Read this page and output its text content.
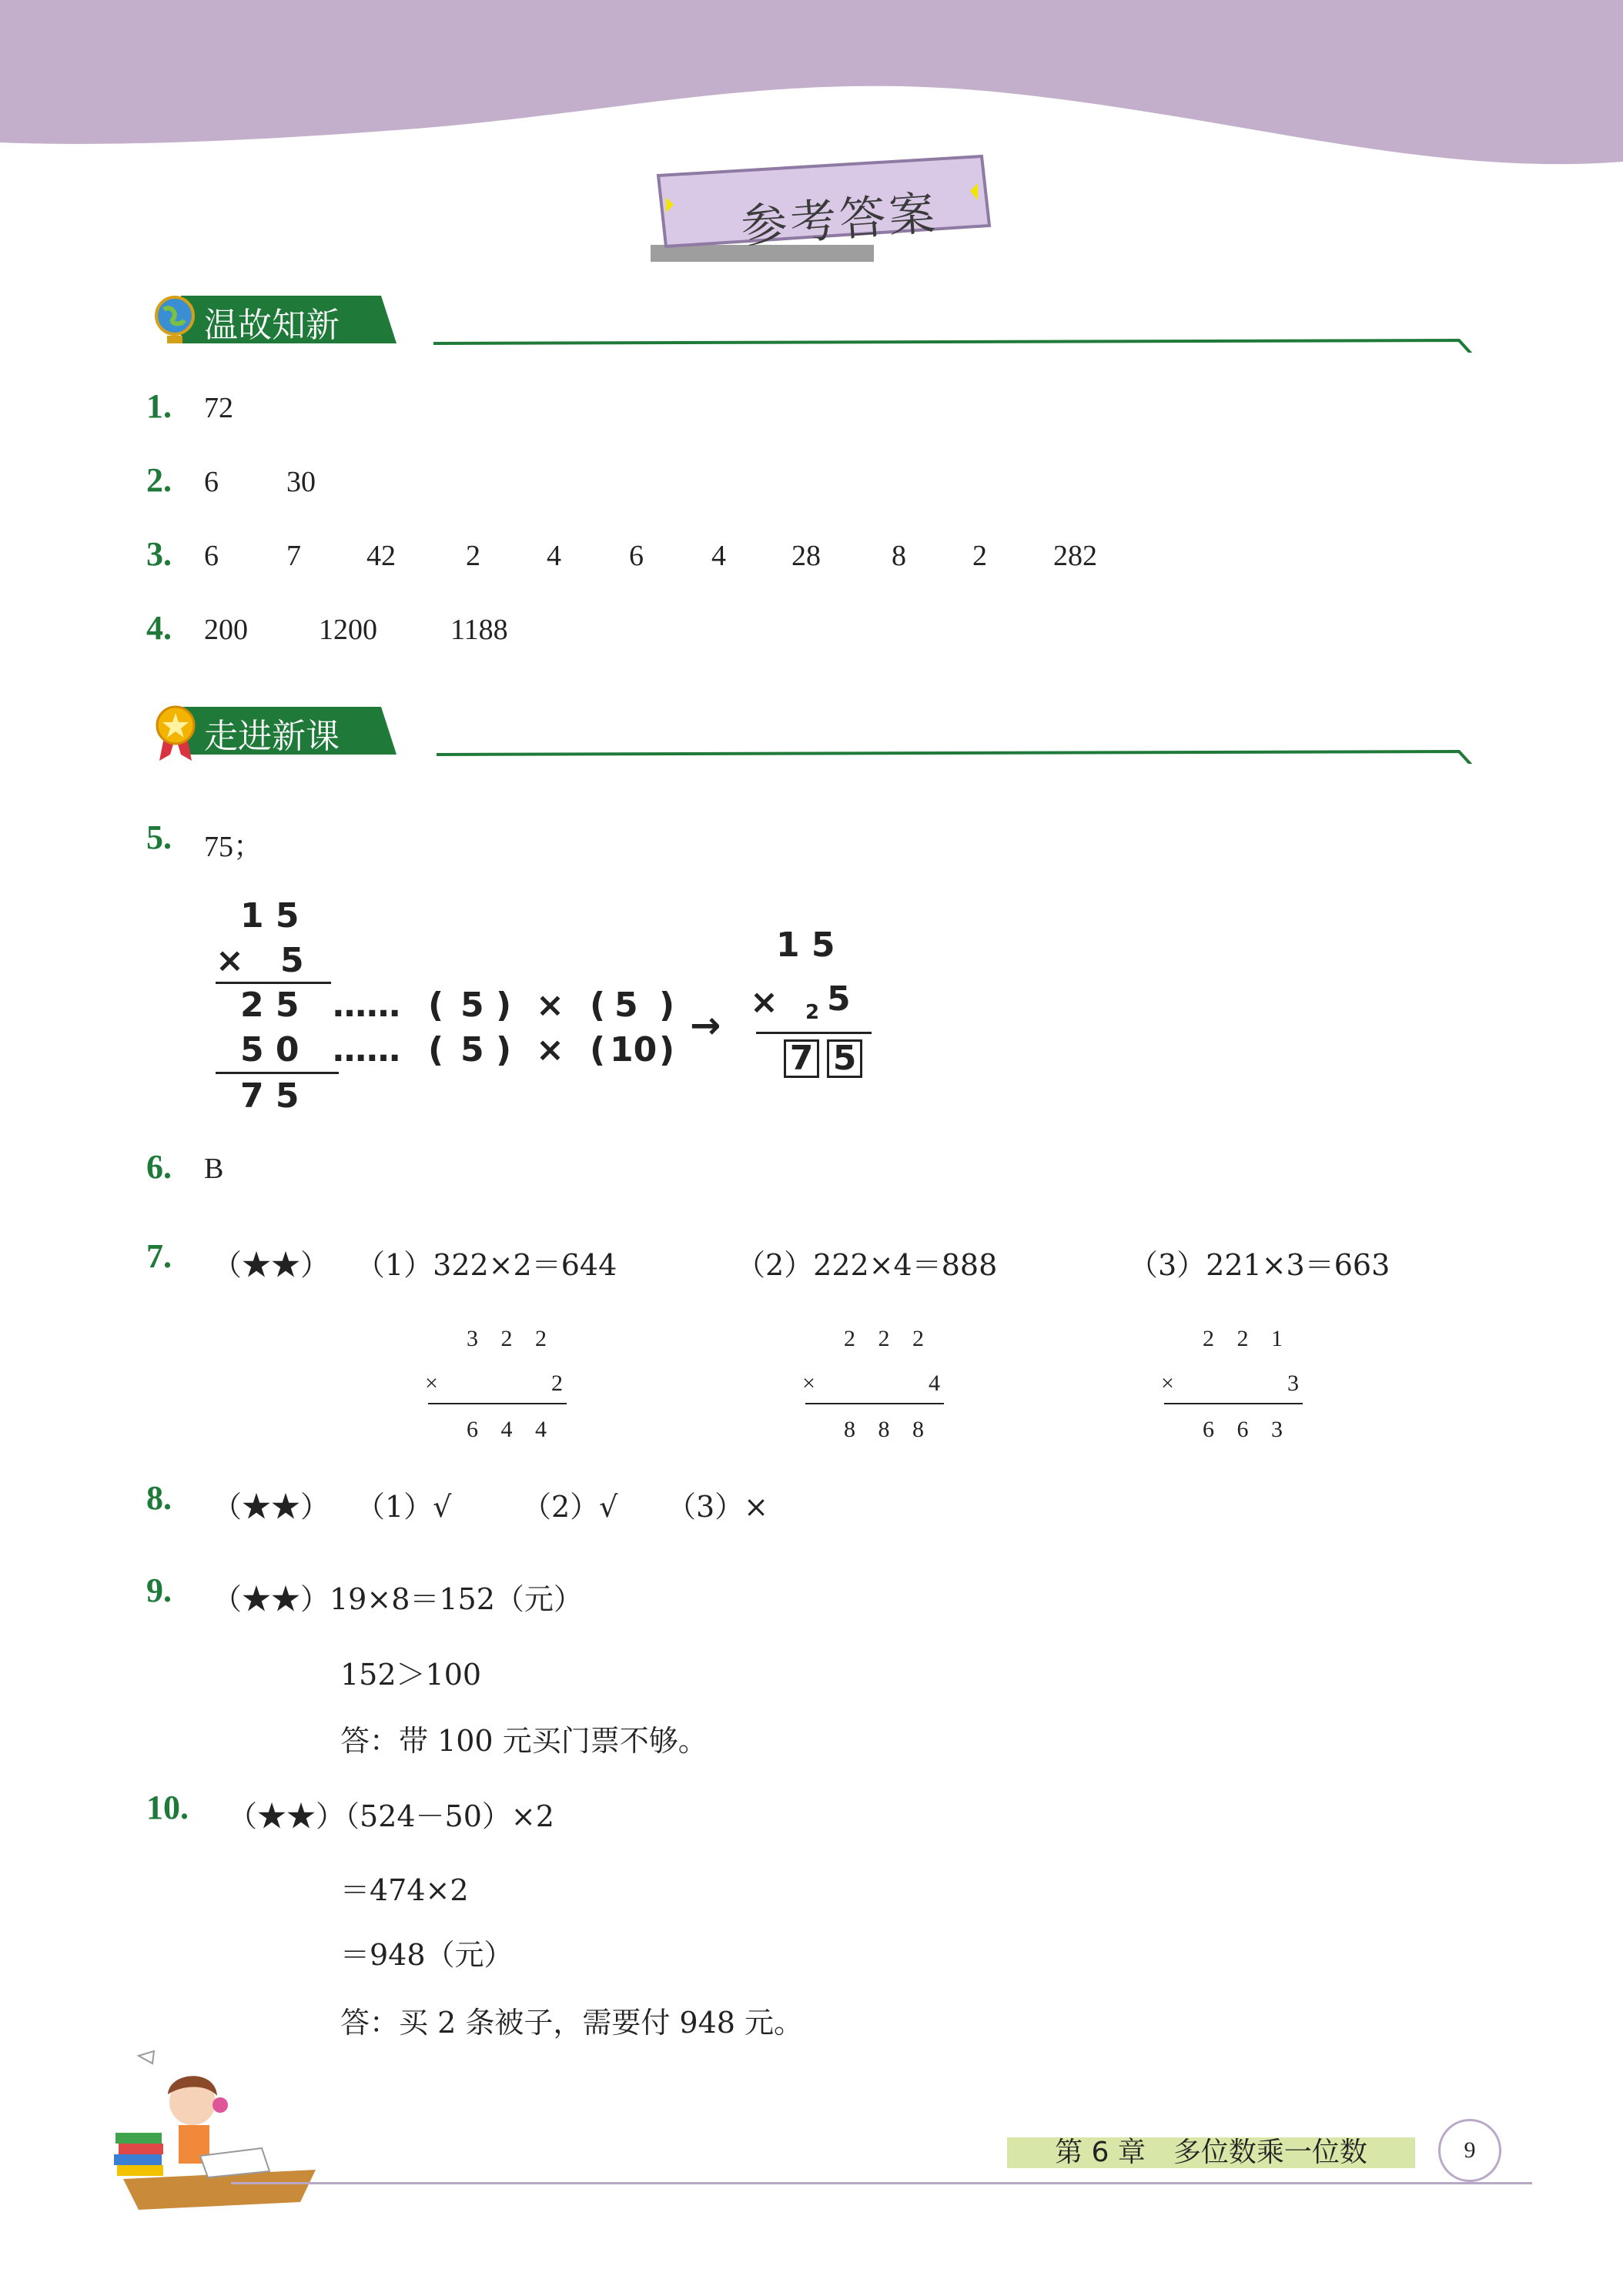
参考答案
温故知新
1. 72
2. 6 30
3. 6 7 42 2 4 6 4 28 8 2 282
4. 200 1200	1188
走进新课
5. 75；
1 5
× 5
2 5
5 0
7 5
…… ( 5 ) × ( 5 )
…… ( 5 ) × ( 10 )
→
1 5
× 2 5
7 5
6. B
7. （★★） （1）322×2＝644	（2）222×4＝888	（3）221×3＝663
3 2 2
×	2
6 4 4
2 2 2
×	4
8 8 8
2 2 1
×	3
6 6 3
8. （★★） （1）√ （2）√ （3）×
9. （★★）19×8＝152（元）
152＞100
答：带 100 元买门票不够。
10. （★★）（524－50）×2
＝474×2
＝948（元）
答：买 2 条被子，需要付 948 元。
第 6 章　多位数乘一位数	9
